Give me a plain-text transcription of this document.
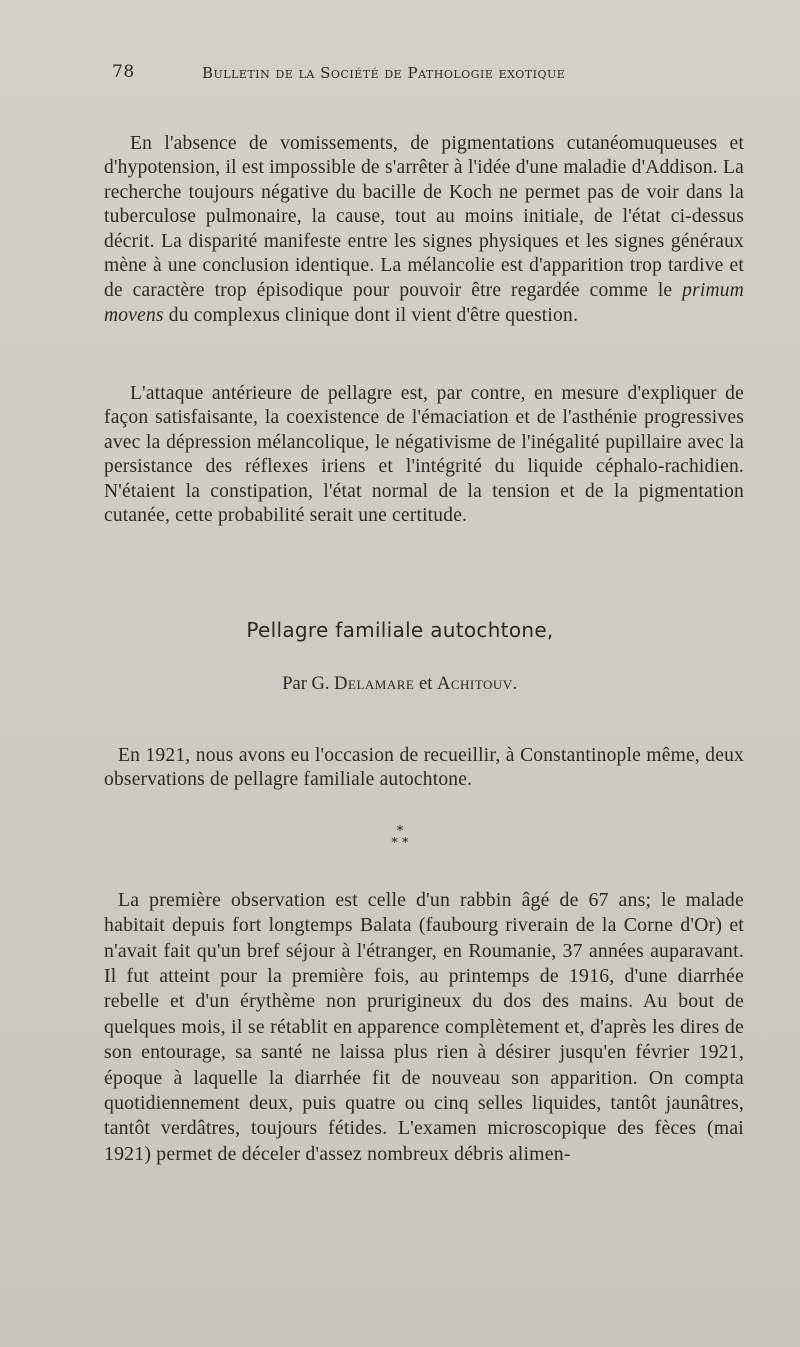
78	Bulletin de la Société de Pathologie exotique

En l'absence de vomissements, de pigmentations cutanéomuqueuses et d'hypotension, il est impossible de s'arrêter à l'idée d'une maladie d'Addison. La recherche toujours négative du bacille de Koch ne permet pas de voir dans la tuberculose pulmonaire, la cause, tout au moins initiale, de l'état ci-dessus décrit. La disparité manifeste entre les signes physiques et les signes généraux mène à une conclusion identique. La mélancolie est d'apparition trop tardive et de caractère trop épisodique pour pouvoir être regardée comme le primum movens du complexus clinique dont il vient d'être question.

L'attaque antérieure de pellagre est, par contre, en mesure d'expliquer de façon satisfaisante, la coexistence de l'émaciation et de l'asthénie progressives avec la dépression mélancolique, le négativisme de l'inégalité pupillaire avec la persistance des réflexes iriens et l'intégrité du liquide céphalo-rachidien. N'étaient la constipation, l'état normal de la tension et de la pigmentation cutanée, cette probabilité serait une certitude.

Pellagre familiale autochtone,
Par G. Delamare et Achitouv.

En 1921, nous avons eu l'occasion de recueillir, à Constantinople même, deux observations de pellagre familiale autochtone.

*
* *

La première observation est celle d'un rabbin âgé de 67 ans; le malade habitait depuis fort longtemps Balata (faubourg riverain de la Corne d'Or) et n'avait fait qu'un bref séjour à l'étranger, en Roumanie, 37 années auparavant. Il fut atteint pour la première fois, au printemps de 1916, d'une diarrhée rebelle et d'un érythème non prurigineux du dos des mains. Au bout de quelques mois, il se rétablit en apparence complètement et, d'après les dires de son entourage, sa santé ne laissa plus rien à désirer jusqu'en février 1921, époque à laquelle la diarrhée fit de nouveau son apparition. On compta quotidiennement deux, puis quatre ou cinq selles liquides, tantôt jaunâtres, tantôt verdâtres, toujours fétides. L'examen microscopique des fèces (mai 1921) permet de déceler d'assez nombreux débris alimen-
